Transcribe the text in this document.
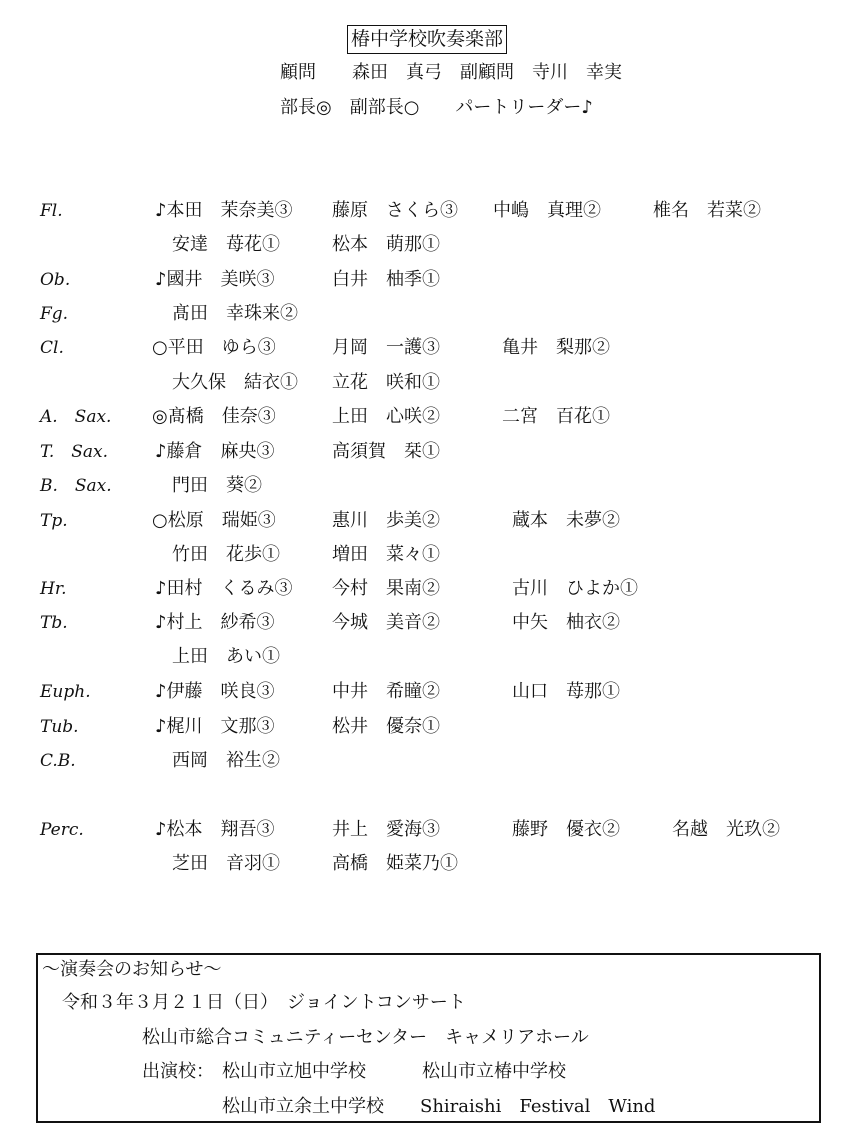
椿中学校吹奏楽部
顧問　　森田　真弓　副顧問　寺川　幸実
部長◎　副部長○　　パートリーダー♪
Fl.	♪本田　茉奈美③ 藤原　さくら③ 中嶋　真理②	椎名　若菜②
安達　苺花①	松本　萌那①
Ob.	♪國井　美咲③	白井　柚季①
Fg.	髙田　幸珠来②
Cl.	○平田　ゆら③	月岡　一護③	亀井　梨那②
大久保　結衣① 立花　咲和①
A.　Sax. ◎髙橋　佳奈③	上田　心咲②	二宮　百花①
T.　Sax.	♪藤倉　麻央③	高須賀　栞①
B.　Sax.	門田　葵②
Tp.	○松原　瑞姫③	惠川　歩美②	蔵本　未夢②
竹田　花歩①	増田　菜々①
Hr.	♪田村　くるみ③ 今村　果南②	古川　ひよか①
Tb.	♪村上　紗希③	今城　美音②	中矢　柚衣②
上田　あい①
Euph.	♪伊藤　咲良③	中井　希瞳②	山口　苺那①
Tub.	♪梶川　文那③	松井　優奈①
C.B.	西岡　裕生②
Perc.	♪松本　翔吾③	井上　愛海③	藤野　優衣②	名越　光玖②
芝田　音羽①	高橋　姫菜乃①
～演奏会のお知らせ～
令和３年３月２１日（日）　ジョイントコンサート
松山市総合コミュニティーセンター　キャメリアホール
出演校： 松山市立旭中学校	松山市立椿中学校
松山市立余土中学校 Shiraishi　Festival　Wind
